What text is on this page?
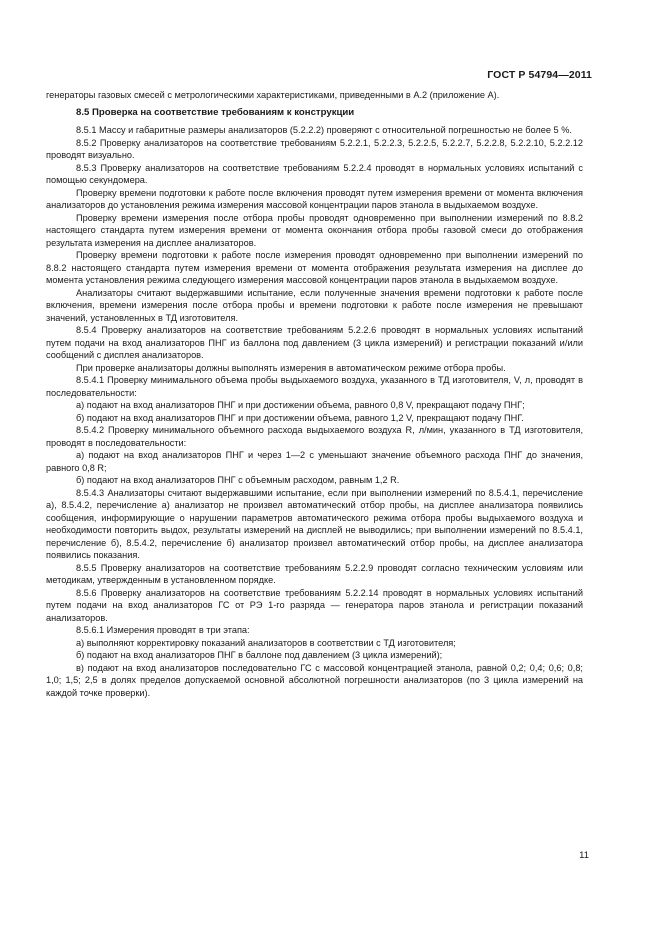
ГОСТ Р 54794—2011

генераторы газовых смесей с метрологическими характеристиками, приведенными в А.2 (приложение А).

8.5 Проверка на соответствие требованиям к конструкции

8.5.1 Массу и габаритные размеры анализаторов (5.2.2.2) проверяют с относительной погрешностью не более 5 %.

8.5.2 Проверку анализаторов на соответствие требованиям 5.2.2.1, 5.2.2.3, 5.2.2.5, 5.2.2.7, 5.2.2.8, 5.2.2.10, 5.2.2.12 проводят визуально.

8.5.3 Проверку анализаторов на соответствие требованиям 5.2.2.4 проводят в нормальных условиях испытаний с помощью секундомера.

Проверку времени подготовки к работе после включения проводят путем измерения времени от момента включения анализаторов до установления режима измерения массовой концентрации паров этанола в выдыхаемом воздухе.

Проверку времени измерения после отбора пробы проводят одновременно при выполнении измерений по 8.8.2 настоящего стандарта путем измерения времени от момента окончания отбора пробы газовой смеси до отображения результата измерения на дисплее анализаторов.

Проверку времени подготовки к работе после измерения проводят одновременно при выполнении измерений по 8.8.2 настоящего стандарта путем измерения времени от момента отображения результата измерения на дисплее до момента установления режима следующего измерения массовой концентрации паров этанола в выдыхаемом воздухе.

Анализаторы считают выдержавшими испытание, если полученные значения времени подготовки к работе после включения, времени измерения после отбора пробы и времени подготовки к работе после измерения не превышают значений, установленных в ТД изготовителя.

8.5.4 Проверку анализаторов на соответствие требованиям 5.2.2.6 проводят в нормальных условиях испытаний путем подачи на вход анализаторов ПНГ из баллона под давлением (3 цикла измерений) и регистрации показаний и/или сообщений с дисплея анализаторов.

При проверке анализаторы должны выполнять измерения в автоматическом режиме отбора пробы.

8.5.4.1 Проверку минимального объема пробы выдыхаемого воздуха, указанного в ТД изготовителя, V, л, проводят в последовательности:

а) подают на вход анализаторов ПНГ и при достижении объема, равного 0,8 V, прекращают подачу ПНГ;

б) подают на вход анализаторов ПНГ и при достижении объема, равного 1,2 V, прекращают подачу ПНГ.

8.5.4.2 Проверку минимального объемного расхода выдыхаемого воздуха R, л/мин, указанного в ТД изготовителя, проводят в последовательности:

а) подают на вход анализаторов ПНГ и через 1—2 с уменьшают значение объемного расхода ПНГ до значения, равного 0,8 R;

б) подают на вход анализаторов ПНГ с объемным расходом, равным 1,2 R.

8.5.4.3 Анализаторы считают выдержавшими испытание, если при выполнении измерений по 8.5.4.1, перечисление а), 8.5.4.2, перечисление а) анализатор не произвел автоматический отбор пробы, на дисплее анализатора появились сообщения, информирующие о нарушении параметров автоматического режима отбора пробы выдыхаемого воздуха и необходимости повторить выдох, результаты измерений на дисплей не выводились; при выполнении измерений по 8.5.4.1, перечисление б), 8.5.4.2, перечисление б) анализатор произвел автоматический отбор пробы, на дисплее анализатора появились показания.

8.5.5 Проверку анализаторов на соответствие требованиям 5.2.2.9 проводят согласно техническим условиям или методикам, утвержденным в установленном порядке.

8.5.6 Проверку анализаторов на соответствие требованиям 5.2.2.14 проводят в нормальных условиях испытаний путем подачи на вход анализаторов ГС от РЭ 1-го разряда — генератора паров этанола и регистрации показаний анализаторов.

8.5.6.1 Измерения проводят в три этапа:

а) выполняют корректировку показаний анализаторов в соответствии с ТД изготовителя;

б) подают на вход анализаторов ПНГ в баллоне под давлением (3 цикла измерений);

в) подают на вход анализаторов последовательно ГС с массовой концентрацией этанола, равной 0,2; 0,4; 0,6; 0,8; 1,0; 1,5; 2,5 в долях пределов допускаемой основной абсолютной погрешности анализаторов (по 3 цикла измерений на каждой точке проверки).

11
